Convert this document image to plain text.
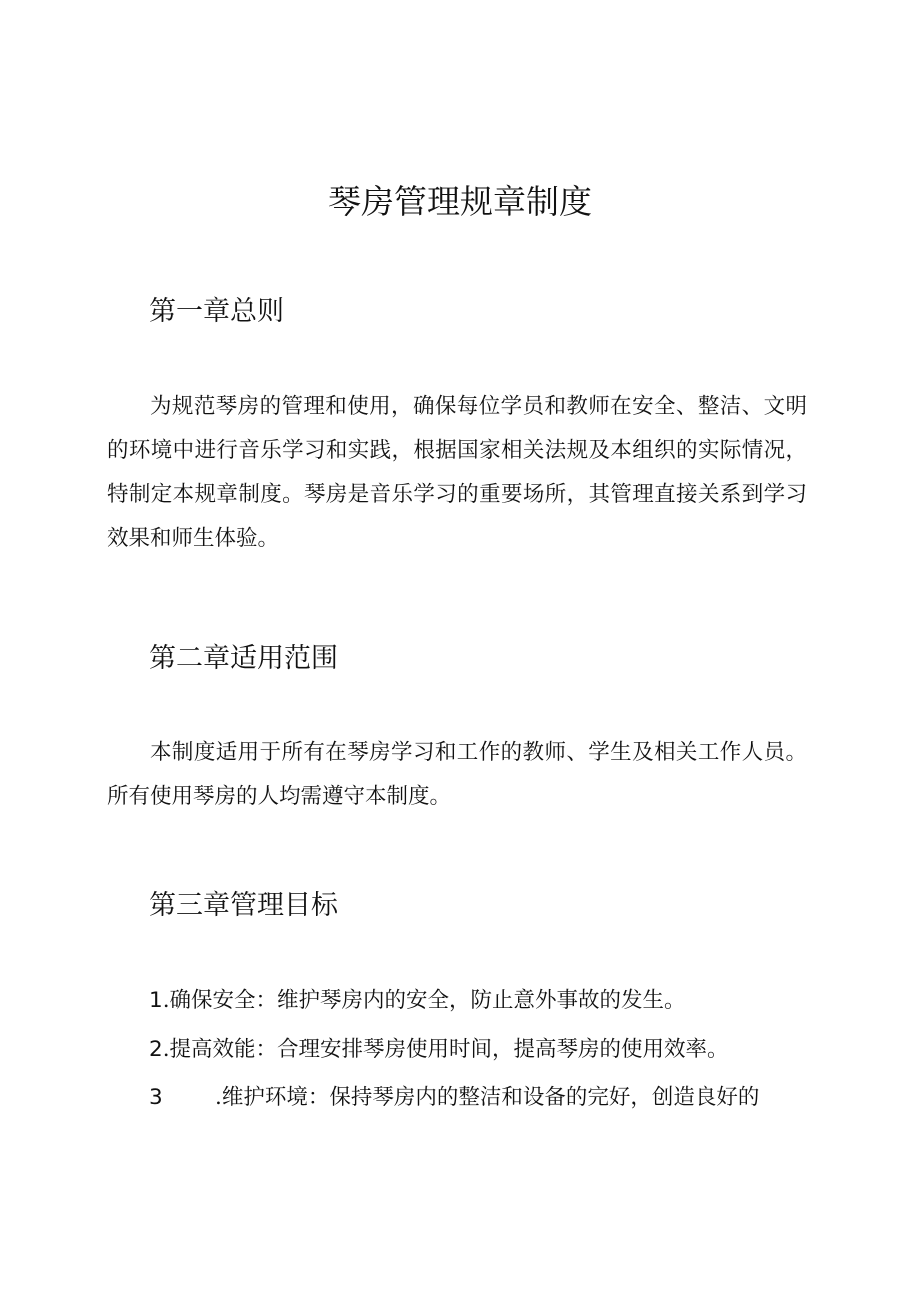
琴房管理规章制度
第一章总则
为规范琴房的管理和使用，确保每位学员和教师在安全、整洁、文明的环境中进行音乐学习和实践，根据国家相关法规及本组织的实际情况，特制定本规章制度。琴房是音乐学习的重要场所，其管理直接关系到学习效果和师生体验。
第二章适用范围
本制度适用于所有在琴房学习和工作的教师、学生及相关工作人员。所有使用琴房的人均需遵守本制度。
第三章管理目标
1.确保安全：维护琴房内的安全，防止意外事故的发生。
2.提高效能：合理安排琴房使用时间，提高琴房的使用效率。
3 .维护环境：保持琴房内的整洁和设备的完好，创造良好的
